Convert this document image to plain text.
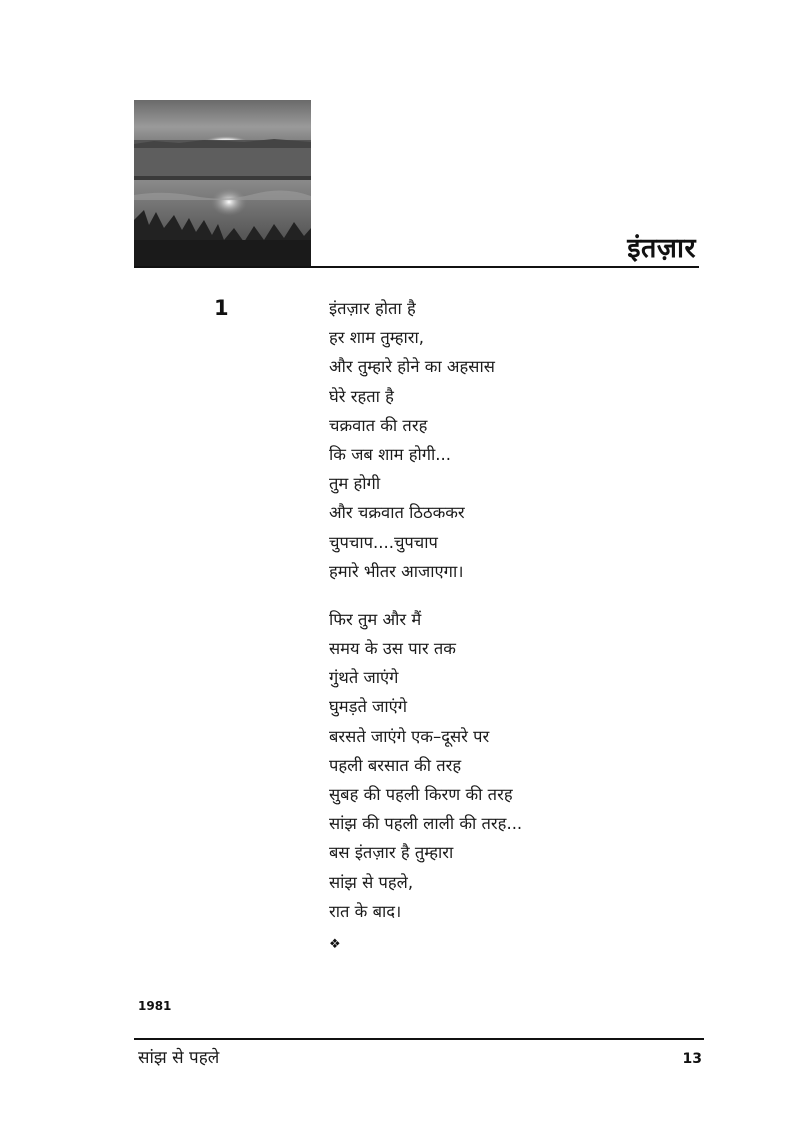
इंतज़ार
1	इंतज़ार होता है
हर शाम तुम्हारा,
और तुम्हारे होने का अहसास
घेरे रहता है
चक्रवात की तरह
कि जब शाम होगी...
तुम होगी
और चक्रवात ठिठककर
चुपचाप....चुपचाप
हमारे भीतर आजाएगा।
फिर तुम और मैं
समय के उस पार तक
गुंथते जाएंगे
घुमड़ते जाएंगे
बरसते जाएंगे एक–दूसरे पर
पहली बरसात की तरह
सुबह की पहली किरण की तरह
सांझ की पहली लाली की तरह...
बस इंतज़ार है तुम्हारा
सांझ से पहले,
रात के बाद।
❖
1981
सांझ से पहले	13
